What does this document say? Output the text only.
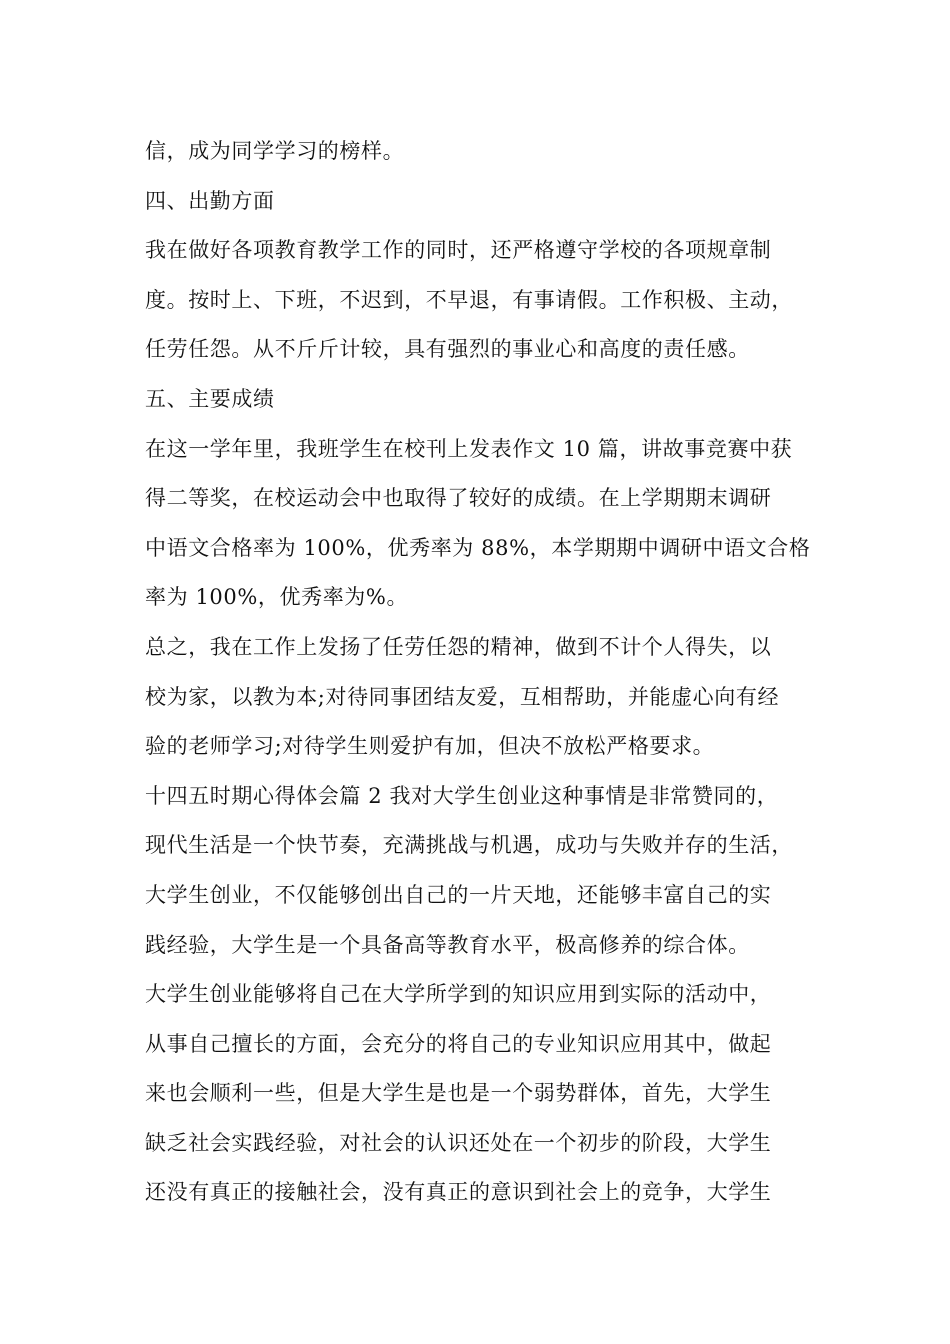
信，成为同学学习的榜样。
四、出勤方面
我在做好各项教育教学工作的同时，还严格遵守学校的各项规章制
度。按时上、下班，不迟到，不早退，有事请假。工作积极、主动，
任劳任怨。从不斤斤计较，具有强烈的事业心和高度的责任感。
五、主要成绩
在这一学年里，我班学生在校刊上发表作文 10 篇，讲故事竞赛中获
得二等奖，在校运动会中也取得了较好的成绩。在上学期期末调研
中语文合格率为 100%，优秀率为 88%，本学期期中调研中语文合格
率为 100%，优秀率为%。
总之，我在工作上发扬了任劳任怨的精神，做到不计个人得失，以
校为家，以教为本;对待同事团结友爱，互相帮助，并能虚心向有经
验的老师学习;对待学生则爱护有加，但决不放松严格要求。
十四五时期心得体会篇 2 我对大学生创业这种事情是非常赞同的，
现代生活是一个快节奏，充满挑战与机遇，成功与失败并存的生活，
大学生创业，不仅能够创出自己的一片天地，还能够丰富自己的实
践经验，大学生是一个具备高等教育水平，极高修养的综合体。
大学生创业能够将自己在大学所学到的知识应用到实际的活动中，
从事自己擅长的方面，会充分的将自己的专业知识应用其中，做起
来也会顺利一些，但是大学生是也是一个弱势群体，首先，大学生
缺乏社会实践经验，对社会的认识还处在一个初步的阶段，大学生
还没有真正的接触社会，没有真正的意识到社会上的竞争，大学生
